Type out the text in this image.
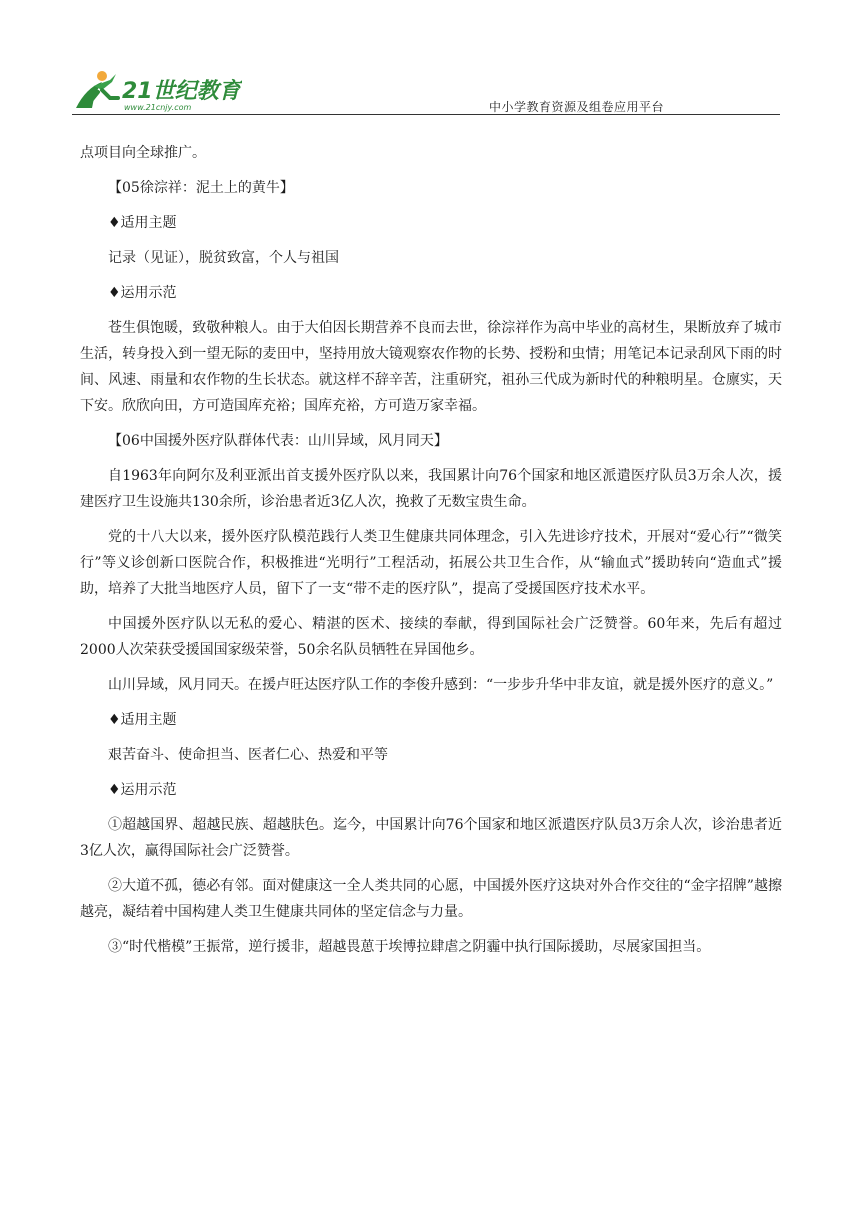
21世纪教育
www.21cnjy.com	中小学教育资源及组卷应用平台

点项目向全球推广。

【05徐淙祥：泥土上的黄牛】

♦适用主题

记录（见证），脱贫致富，个人与祖国

♦运用示范

苍生俱饱暖，致敬种粮人。由于大伯因长期营养不良而去世，徐淙祥作为高中毕业的高材生，果断放弃了城市生活，转身投入到一望无际的麦田中，坚持用放大镜观察农作物的长势、授粉和虫情；用笔记本记录刮风下雨的时间、风速、雨量和农作物的生长状态。就这样不辞辛苦，注重研究，祖孙三代成为新时代的种粮明星。仓廪实，天下安。欣欣向田，方可造国库充裕；国库充裕，方可造万家幸福。

【06中国援外医疗队群体代表：山川异域，风月同天】

自1963年向阿尔及利亚派出首支援外医疗队以来，我国累计向76个国家和地区派遣医疗队员3万余人次，援建医疗卫生设施共130余所，诊治患者近3亿人次，挽救了无数宝贵生命。

党的十八大以来，援外医疗队模范践行人类卫生健康共同体理念，引入先进诊疗技术，开展对“爱心行”“微笑行”等义诊创新口医院合作，积极推进“光明行”工程活动，拓展公共卫生合作，从“输血式”援助转向“造血式”援助，培养了大批当地医疗人员，留下了一支“带不走的医疗队”，提高了受援国医疗技术水平。

中国援外医疗队以无私的爱心、精湛的医术、接续的奉献，得到国际社会广泛赞誉。60年来，先后有超过2000人次荣获受援国国家级荣誉，50余名队员牺牲在异国他乡。

山川异域，风月同天。在援卢旺达医疗队工作的李俊升感到：“一步步升华中非友谊，就是援外医疗的意义。”

♦适用主题

艰苦奋斗、使命担当、医者仁心、热爱和平等

♦运用示范

①超越国界、超越民族、超越肤色。迄今，中国累计向76个国家和地区派遣医疗队员3万余人次，诊治患者近3亿人次，赢得国际社会广泛赞誉。

②大道不孤，德必有邻。面对健康这一全人类共同的心愿，中国援外医疗这块对外合作交往的“金字招牌”越擦越亮，凝结着中国构建人类卫生健康共同体的坚定信念与力量。

③“时代楷模”王振常，逆行援非，超越畏葸于埃博拉肆虐之阴霾中执行国际援助，尽展家国担当。
